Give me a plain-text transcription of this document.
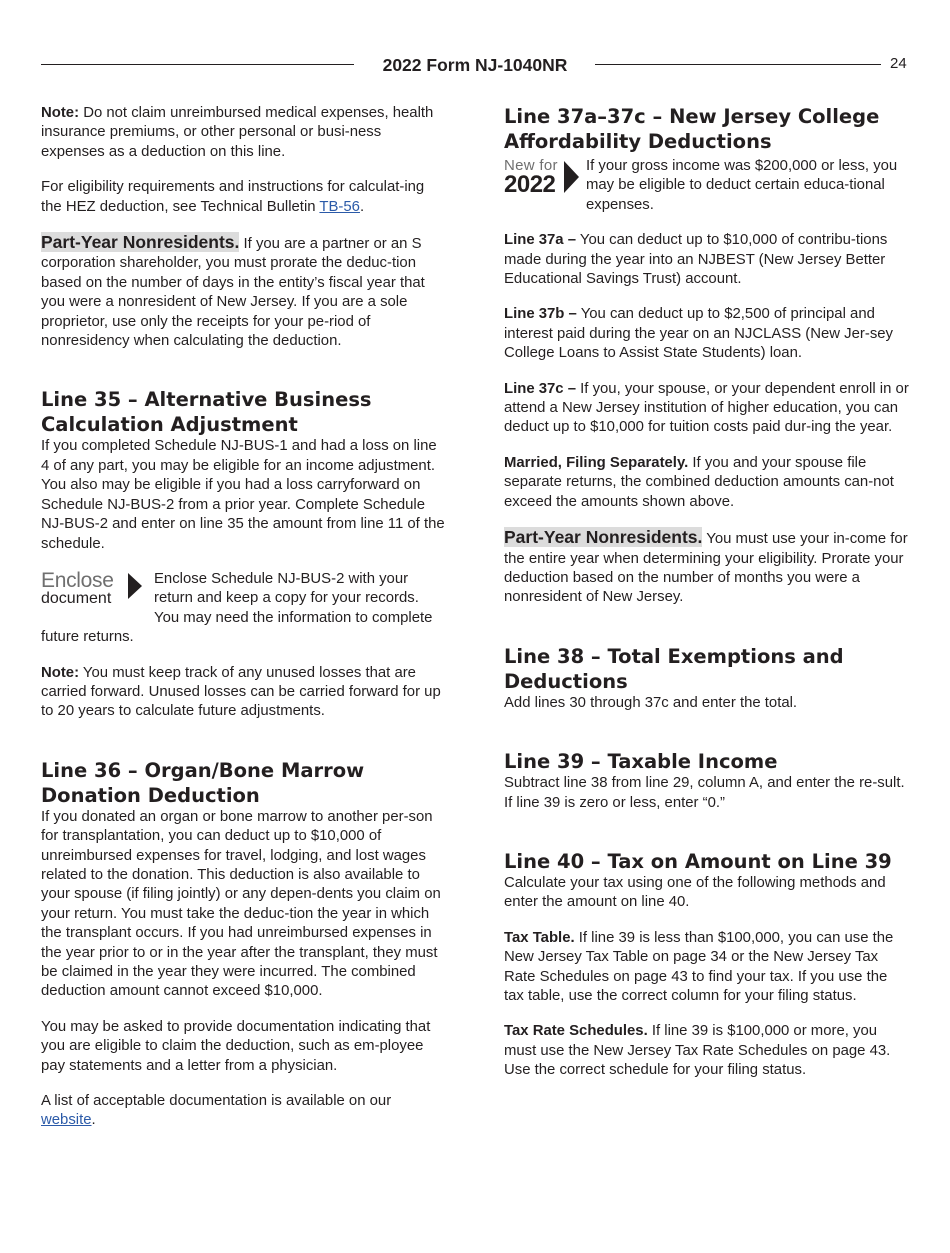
2022 Form NJ-1040NR	24

Note: Do not claim unreimbursed medical expenses, health insurance premiums, or other personal or busi-ness expenses as a deduction on this line.

For eligibility requirements and instructions for calculat-ing the HEZ deduction, see Technical Bulletin TB-56.

Part-Year Nonresidents. If you are a partner or an S corporation shareholder, you must prorate the deduc-tion based on the number of days in the entity’s fiscal year that you were a nonresident of New Jersey. If you are a sole proprietor, use only the receipts for your pe-riod of nonresidency when calculating the deduction.

Line 35 – Alternative Business Calculation Adjustment

If you completed Schedule NJ-BUS-1 and had a loss on line 4 of any part, you may be eligible for an income adjustment. You also may be eligible if you had a loss carryforward on Schedule NJ-BUS-2 from a prior year. Complete Schedule NJ-BUS-2 and enter on line 35 the amount from line 11 of the schedule.

Enclose
document

Enclose Schedule NJ-BUS-2 with your return and keep a copy for your records. You may need the information to complete future returns.

Note: You must keep track of any unused losses that are carried forward. Unused losses can be carried forward for up to 20 years to calculate future adjustments.

Line 36 – Organ/Bone Marrow Donation Deduction

If you donated an organ or bone marrow to another per-son for transplantation, you can deduct up to $10,000 of unreimbursed expenses for travel, lodging, and lost wages related to the donation. This deduction is also available to your spouse (if filing jointly) or any depen-dents you claim on your return. You must take the deduc-tion the year in which the transplant occurs. If you had unreimbursed expenses in the year prior to or in the year after the transplant, they must be claimed in the year they were incurred. The combined deduction amount cannot exceed $10,000.

You may be asked to provide documentation indicating that you are eligible to claim the deduction, such as em-ployee pay statements and a letter from a physician.

A list of acceptable documentation is available on our website.

Line 37a–37c – New Jersey College Affordability Deductions
New for
2022

If your gross income was $200,000 or less, you may be eligible to deduct certain educa-tional expenses.

Line 37a – You can deduct up to $10,000 of contribu-tions made during the year into an NJBEST (New Jersey Better Educational Savings Trust) account.

Line 37b – You can deduct up to $2,500 of principal and interest paid during the year on an NJCLASS (New Jer-sey College Loans to Assist State Students) loan.

Line 37c – If you, your spouse, or your dependent enroll in or attend a New Jersey institution of higher education, you can deduct up to $10,000 for tuition costs paid dur-ing the year.

Married, Filing Separately. If you and your spouse file separate returns, the combined deduction amounts can-not exceed the amounts shown above.

Part-Year Nonresidents. You must use your in-come for the entire year when determining your eligibility. Prorate your deduction based on the number of months you were a nonresident of New Jersey.

Line 38 – Total Exemptions and Deductions

Add lines 30 through 37c and enter the total.

Line 39 – Taxable Income

Subtract line 38 from line 29, column A, and enter the re-sult. If line 39 is zero or less, enter “0.”

Line 40 – Tax on Amount on Line 39

Calculate your tax using one of the following methods and enter the amount on line 40.

Tax Table. If line 39 is less than $100,000, you can use the New Jersey Tax Table on page 34 or the New Jersey Tax Rate Schedules on page 43 to find your tax. If you use the tax table, use the correct column for your filing status.

Tax Rate Schedules. If line 39 is $100,000 or more, you must use the New Jersey Tax Rate Schedules on page 43. Use the correct schedule for your filing status.
